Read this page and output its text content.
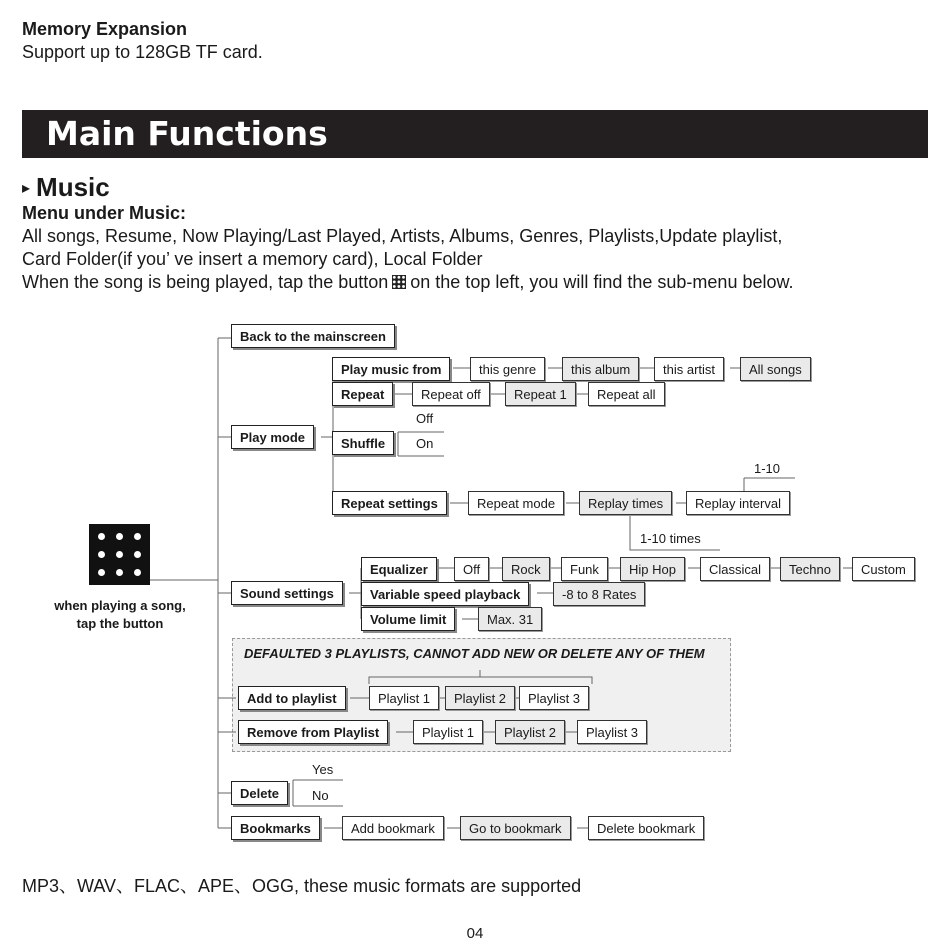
Memory Expansion
Support up to 128GB TF card.
Main Functions
▸ Music
Menu under Music:
All songs, Resume, Now Playing/Last Played, Artists, Albums, Genres, Playlists,Update playlist,
Card Folder(if you’ ve insert a memory card), Local Folder
When the song is being played, tap the button on the top left, you will find the sub-menu below.
when playing a song,
tap the button
DEFAULTED 3 PLAYLISTS, CANNOT ADD NEW OR DELETE ANY OF THEM
Back to the mainscreen
Play mode
Play music from	this genre	this album	this artist	All songs
Repeat	Repeat off	Repeat 1	Repeat all
Shuffle
Off
On
Repeat settings	Repeat mode	Replay times	Replay interval
1-10
1-10 times
Sound settings
Equalizer	Off	Rock	Funk	Hip Hop	Classical	Techno	Custom
Variable speed playback	-8 to 8 Rates
Volume limit	Max. 31
Add to playlist	Playlist 1	Playlist 2	Playlist 3
Remove from Playlist	Playlist 1	Playlist 2	Playlist 3
Delete
Yes
No
Bookmarks	Add bookmark	Go to bookmark	Delete bookmark
MP3、WAV、FLAC、APE、OGG, these music formats are supported
04
